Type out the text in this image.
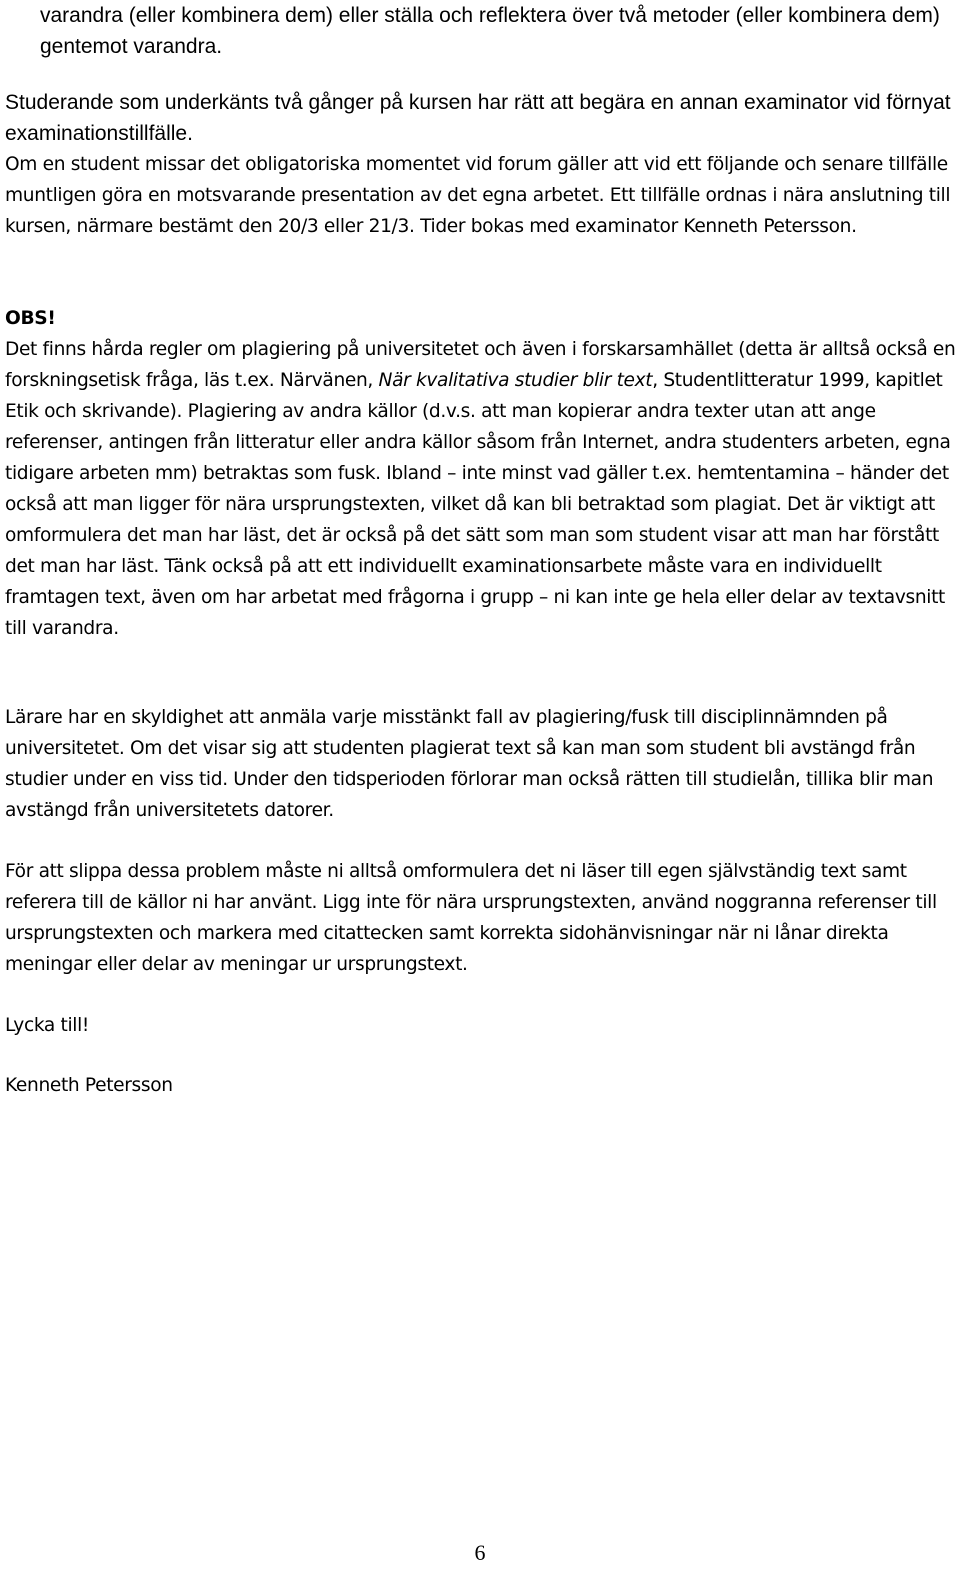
varandra (eller kombinera dem) eller ställa och reflektera över två metoder (eller kombinera dem) gentemot varandra.

Studerande som underkänts två gånger på kursen har rätt att begära en annan examinator vid förnyat examinationstillfälle.

Om en student missar det obligatoriska momentet vid forum gäller att vid ett följande och senare tillfälle muntligen göra en motsvarande presentation av det egna arbetet. Ett tillfälle ordnas i nära anslutning till kursen, närmare bestämt den 20/3 eller 21/3. Tider bokas med examinator Kenneth Petersson.

OBS!
Det finns hårda regler om plagiering på universitetet och även i forskarsamhället (detta är alltså också en forskningsetisk fråga, läs t.ex. Närvänen, När kvalitativa studier blir text, Studentlitteratur 1999, kapitlet Etik och skrivande). Plagiering av andra källor (d.v.s. att man kopierar andra texter utan att ange referenser, antingen från litteratur eller andra källor såsom från Internet, andra studenters arbeten, egna tidigare arbeten mm) betraktas som fusk. Ibland – inte minst vad gäller t.ex. hemtentamina – händer det också att man ligger för nära ursprungstexten, vilket då kan bli betraktad som plagiat. Det är viktigt att omformulera det man har läst, det är också på det sätt som man som student visar att man har förstått det man har läst. Tänk också på att ett individuellt examinationsarbete måste vara en individuellt framtagen text, även om har arbetat med frågorna i grupp – ni kan inte ge hela eller delar av textavsnitt till varandra.

Lärare har en skyldighet att anmäla varje misstänkt fall av plagiering/fusk till disciplinnämnden på universitetet. Om det visar sig att studenten plagierat text så kan man som student bli avstängd från studier under en viss tid. Under den tidsperioden förlorar man också rätten till studielån, tillika blir man avstängd från universitetets datorer.

För att slippa dessa problem måste ni alltså omformulera det ni läser till egen självständig text samt referera till de källor ni har använt. Ligg inte för nära ursprungstexten, använd noggranna referenser till ursprungstexten och markera med citattecken samt korrekta sidohänvisningar när ni lånar direkta meningar eller delar av meningar ur ursprungstext.

Lycka till!

Kenneth Petersson

6
